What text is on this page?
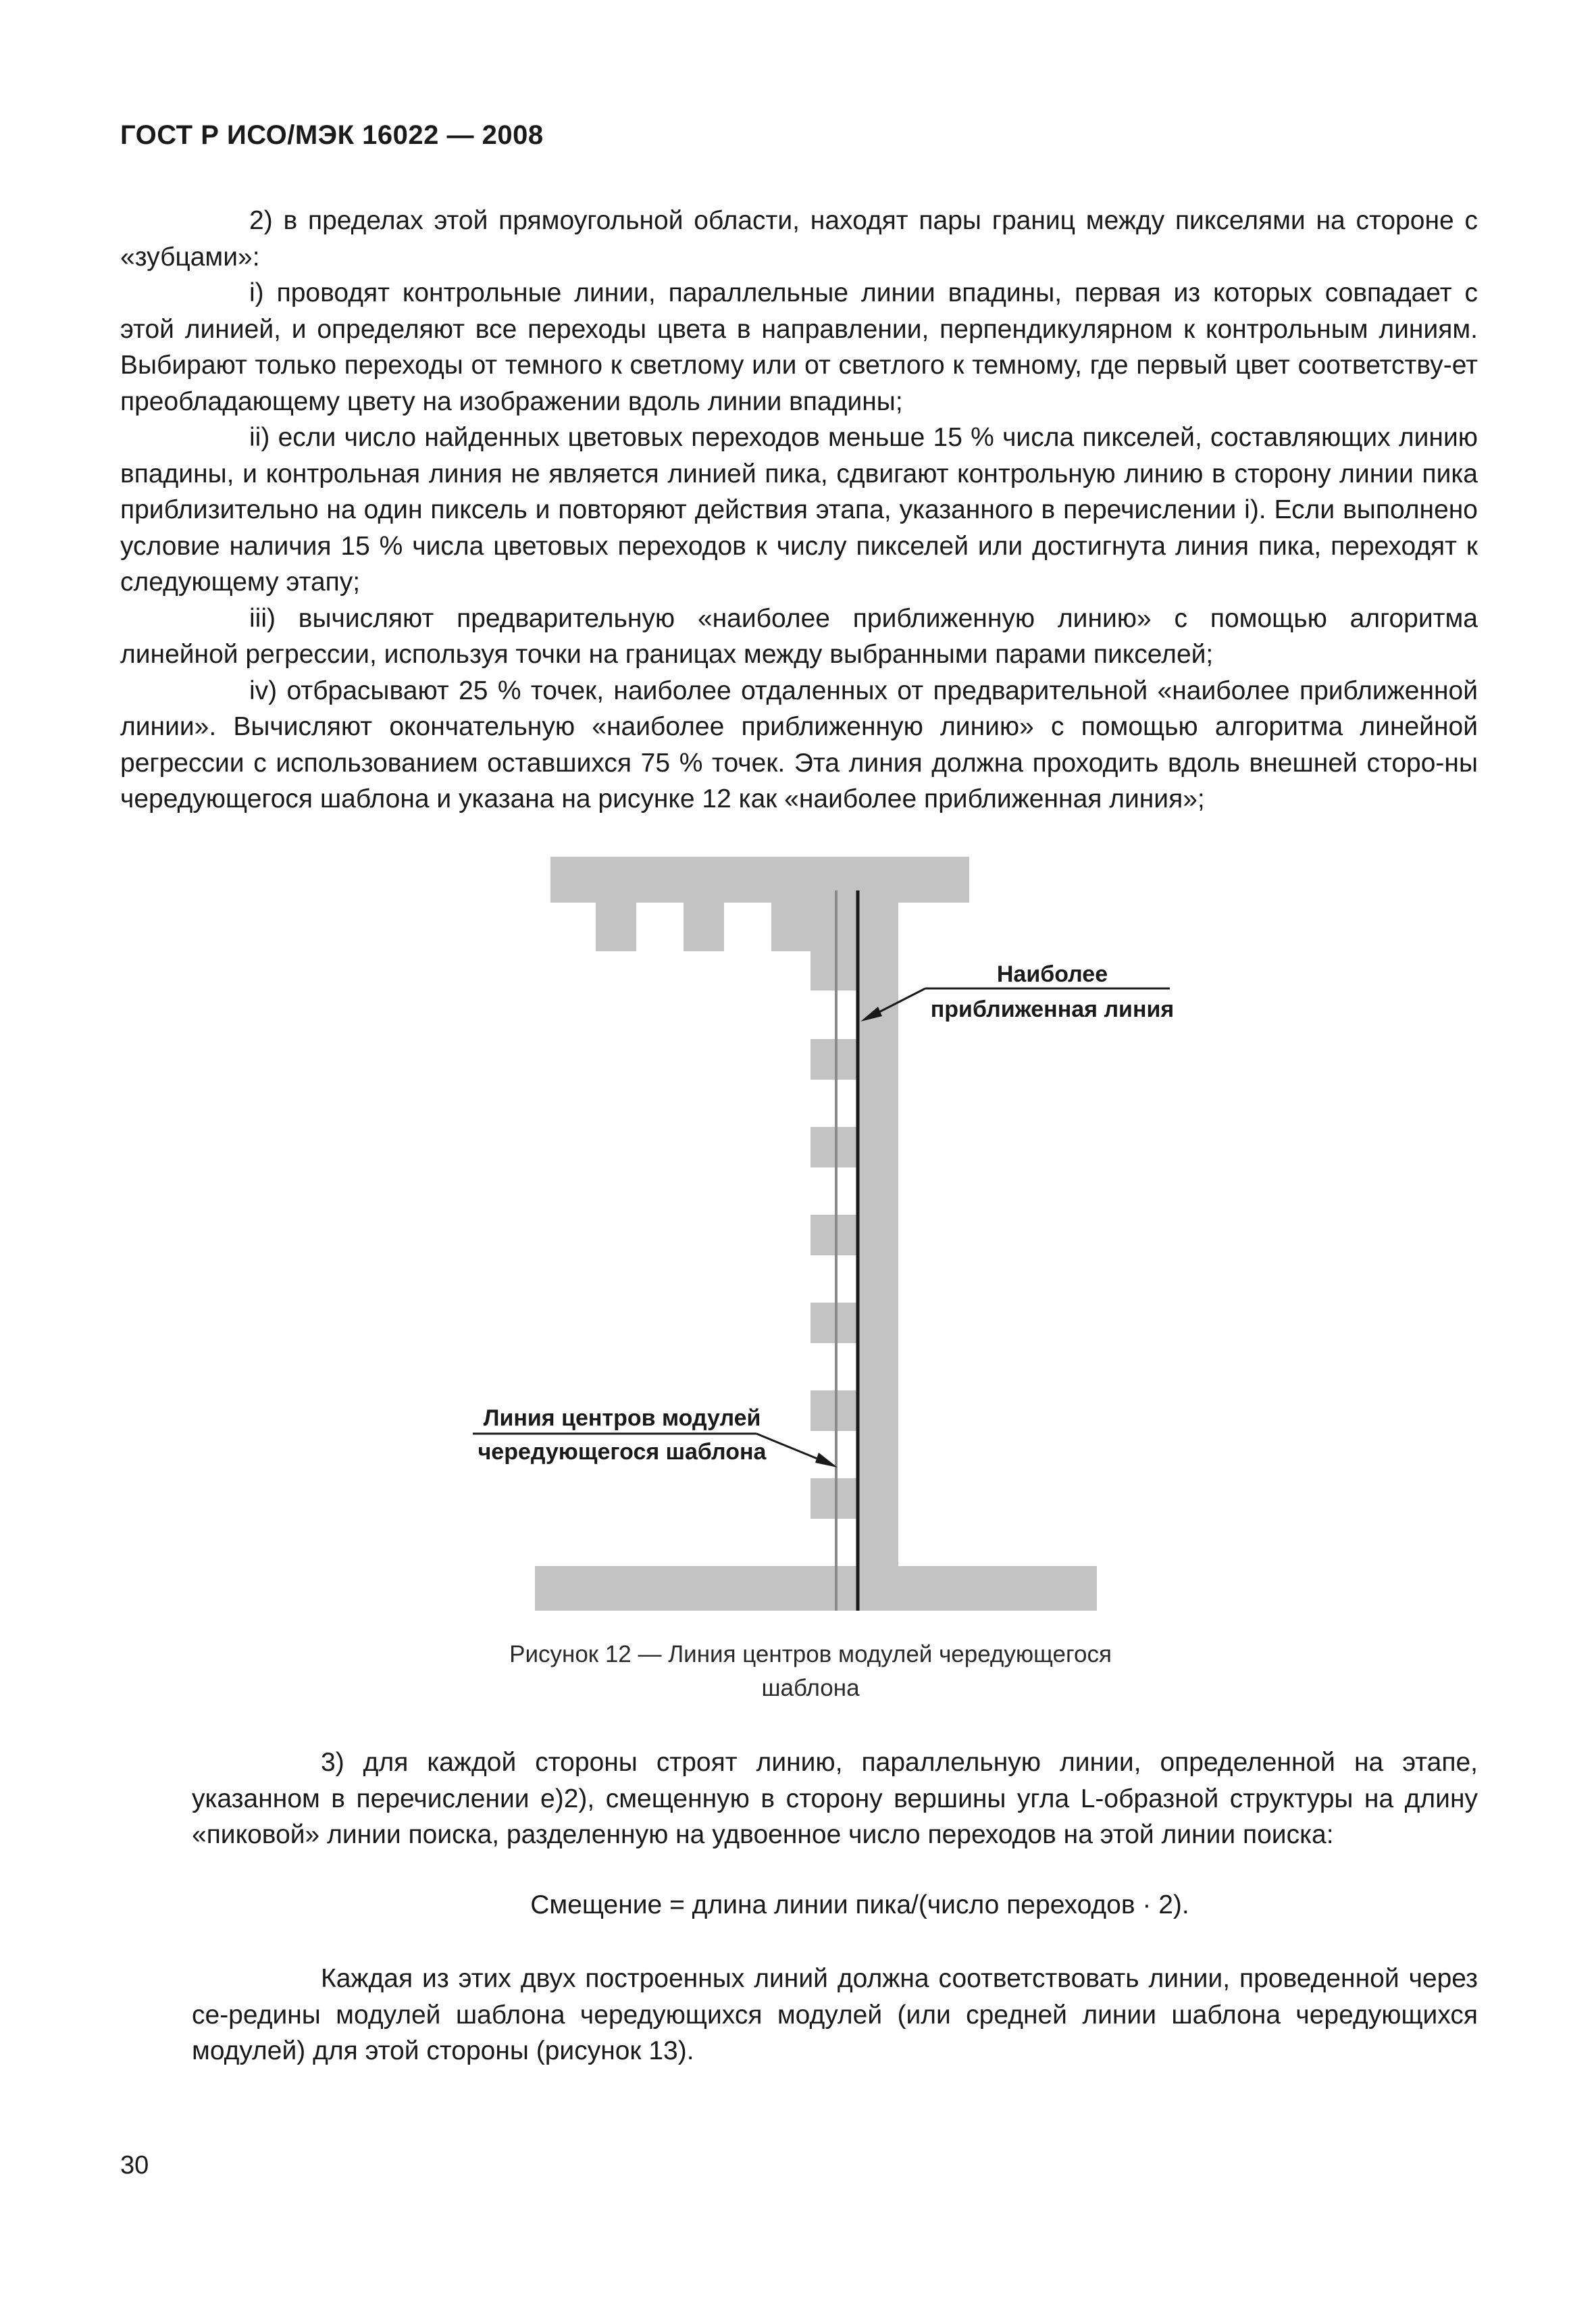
ГОСТ Р ИСО/МЭК 16022 — 2008

2) в пределах этой прямоугольной области, находят пары границ между пикселями на стороне с «зубцами»:

i) проводят контрольные линии, параллельные линии впадины, первая из которых совпадает с этой линией, и определяют все переходы цвета в направлении, перпендикулярном к контрольным линиям. Выбирают только переходы от темного к светлому или от светлого к темному, где первый цвет соответству-ет преобладающему цвету на изображении вдоль линии впадины;

ii) если число найденных цветовых переходов меньше 15 % числа пикселей, составляющих линию впадины, и контрольная линия не является линией пика, сдвигают контрольную линию в сторону линии пика приблизительно на один пиксель и повторяют действия этапа, указанного в перечислении i). Если выполнено условие наличия 15 % числа цветовых переходов к числу пикселей или достигнута линия пика, переходят к следующему этапу;

iii) вычисляют предварительную «наиболее приближенную линию» с помощью алгоритма линейной регрессии, используя точки на границах между выбранными парами пикселей;

iv) отбрасывают 25 % точек, наиболее отдаленных от предварительной «наиболее приближенной линии». Вычисляют окончательную «наиболее приближенную линию» с помощью алгоритма линейной регрессии с использованием оставшихся 75 % точек. Эта линия должна проходить вдоль внешней сторо-ны чередующегося шаблона и указана на рисунке 12 как «наиболее приближенная линия»;

Наиболее
приближенная линия
Линия центров модулей
чередующегося шаблона
Рисунок 12 — Линия центров модулей чередующегося
шаблона

3) для каждой стороны строят линию, параллельную линии, определенной на этапе, указанном в перечислении е)2), смещенную в сторону вершины угла L-образной структуры на длину «пиковой» линии поиска, разделенную на удвоенное число переходов на этой линии поиска:

Смещение = длина линии пика/(число переходов · 2).

Каждая из этих двух построенных линий должна соответствовать линии, проведенной через се-редины модулей шаблона чередующихся модулей (или средней линии шаблона чередующихся модулей) для этой стороны (рисунок 13).

30
